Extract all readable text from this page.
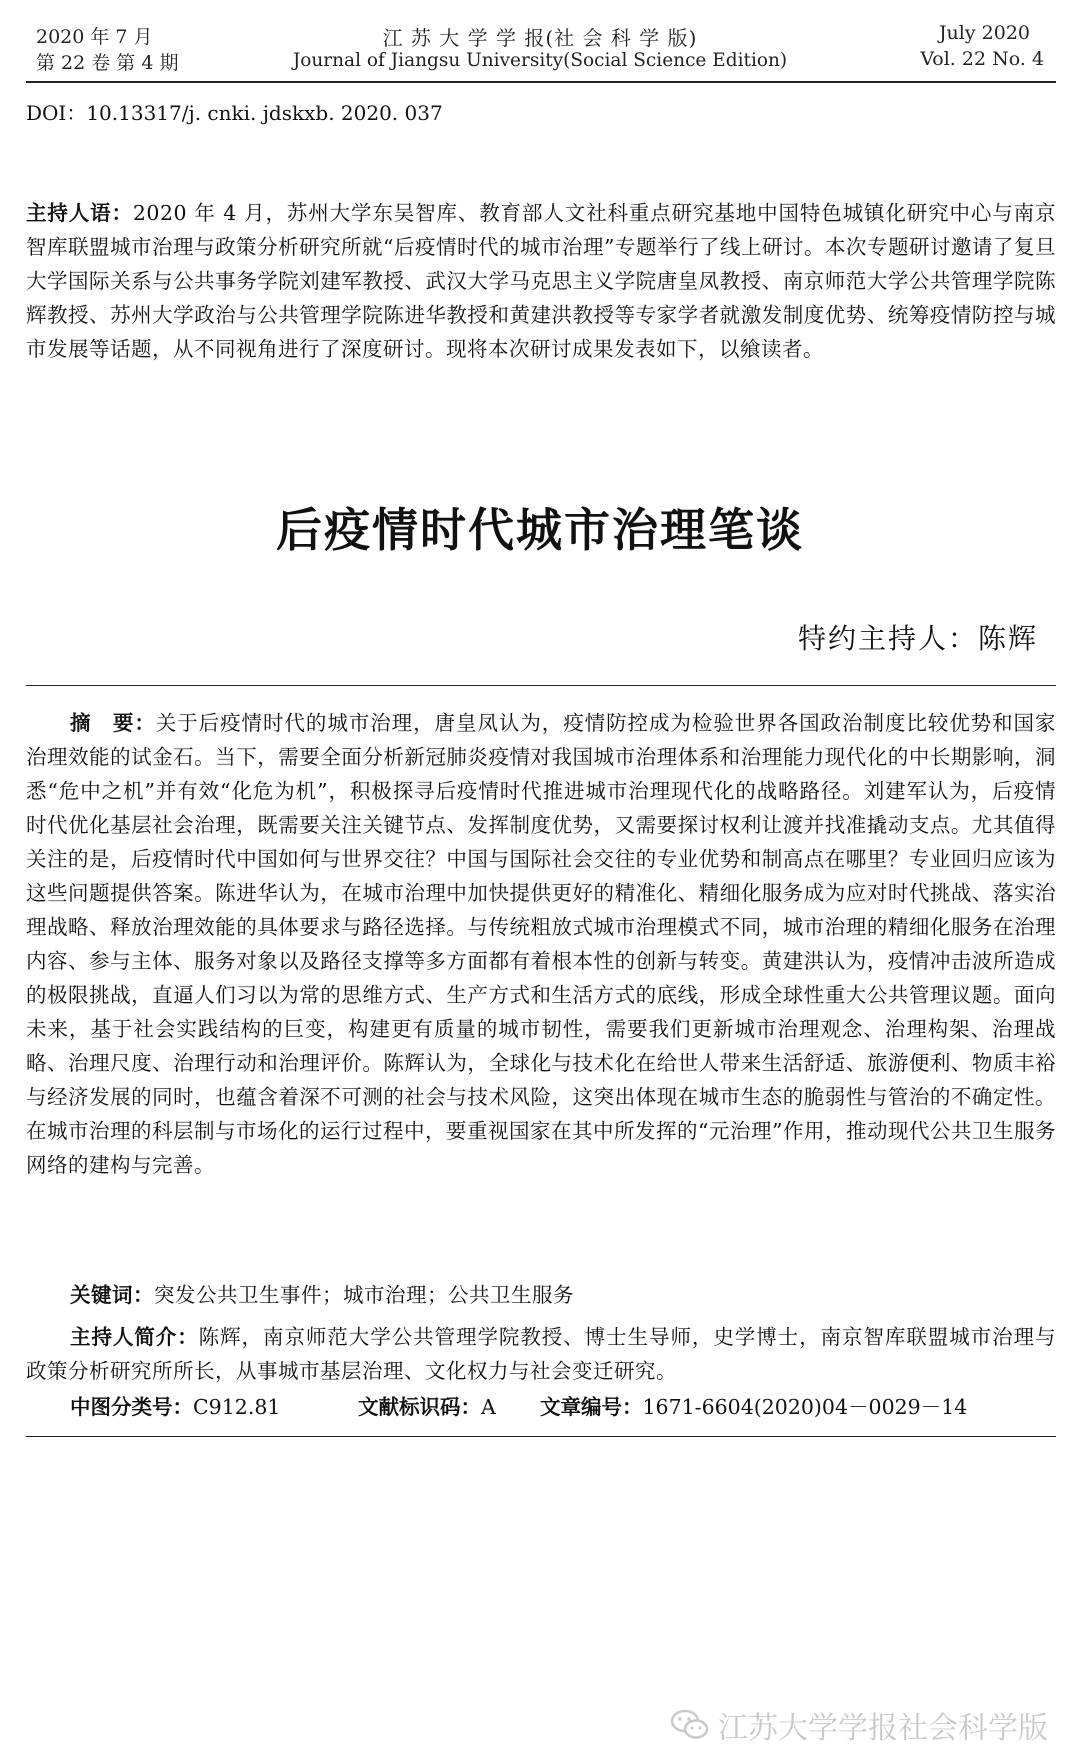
2020 年 7 月
第 22 卷 第 4 期
江 苏 大 学 学 报(社 会 科 学 版)
Journal of Jiangsu University(Social Science Edition)
July 2020
Vol. 22 No. 4
DOI：10.13317/j. cnki. jdskxb. 2020. 037
主持人语：2020 年 4 月，苏州大学东吴智库、教育部人文社科重点研究基地中国特色城镇化研究中心与南京智库联盟城市治理与政策分析研究所就“后疫情时代的城市治理”专题举行了线上研讨。本次专题研讨邀请了复旦大学国际关系与公共事务学院刘建军教授、武汉大学马克思主义学院唐皇凤教授、南京师范大学公共管理学院陈辉教授、苏州大学政治与公共管理学院陈进华教授和黄建洪教授等专家学者就激发制度优势、统筹疫情防控与城市发展等话题，从不同视角进行了深度研讨。现将本次研讨成果发表如下，以飨读者。
后疫情时代城市治理笔谈
特约主持人：陈辉
摘　要：关于后疫情时代的城市治理，唐皇凤认为，疫情防控成为检验世界各国政治制度比较优势和国家治理效能的试金石。当下，需要全面分析新冠肺炎疫情对我国城市治理体系和治理能力现代化的中长期影响，洞悉“危中之机”并有效“化危为机”，积极探寻后疫情时代推进城市治理现代化的战略路径。刘建军认为，后疫情时代优化基层社会治理，既需要关注关键节点、发挥制度优势，又需要探讨权利让渡并找准撬动支点。尤其值得关注的是，后疫情时代中国如何与世界交往？中国与国际社会交往的专业优势和制高点在哪里？专业回归应该为这些问题提供答案。陈进华认为，在城市治理中加快提供更好的精准化、精细化服务成为应对时代挑战、落实治理战略、释放治理效能的具体要求与路径选择。与传统粗放式城市治理模式不同，城市治理的精细化服务在治理内容、参与主体、服务对象以及路径支撑等多方面都有着根本性的创新与转变。黄建洪认为，疫情冲击波所造成的极限挑战，直逼人们习以为常的思维方式、生产方式和生活方式的底线，形成全球性重大公共管理议题。面向未来，基于社会实践结构的巨变，构建更有质量的城市韧性，需要我们更新城市治理观念、治理构架、治理战略、治理尺度、治理行动和治理评价。陈辉认为，全球化与技术化在给世人带来生活舒适、旅游便利、物质丰裕与经济发展的同时，也蕴含着深不可测的社会与技术风险，这突出体现在城市生态的脆弱性与管治的不确定性。在城市治理的科层制与市场化的运行过程中，要重视国家在其中所发挥的“元治理”作用，推动现代公共卫生服务网络的建构与完善。
关键词：突发公共卫生事件；城市治理；公共卫生服务
主持人简介：陈辉，南京师范大学公共管理学院教授、博士生导师，史学博士，南京智库联盟城市治理与政策分析研究所所长，从事城市基层治理、文化权力与社会变迁研究。
中图分类号：C912.81	文献标识码：A 文章编号：1671-6604(2020)04－0029－14
江苏大学学报社会科学版
